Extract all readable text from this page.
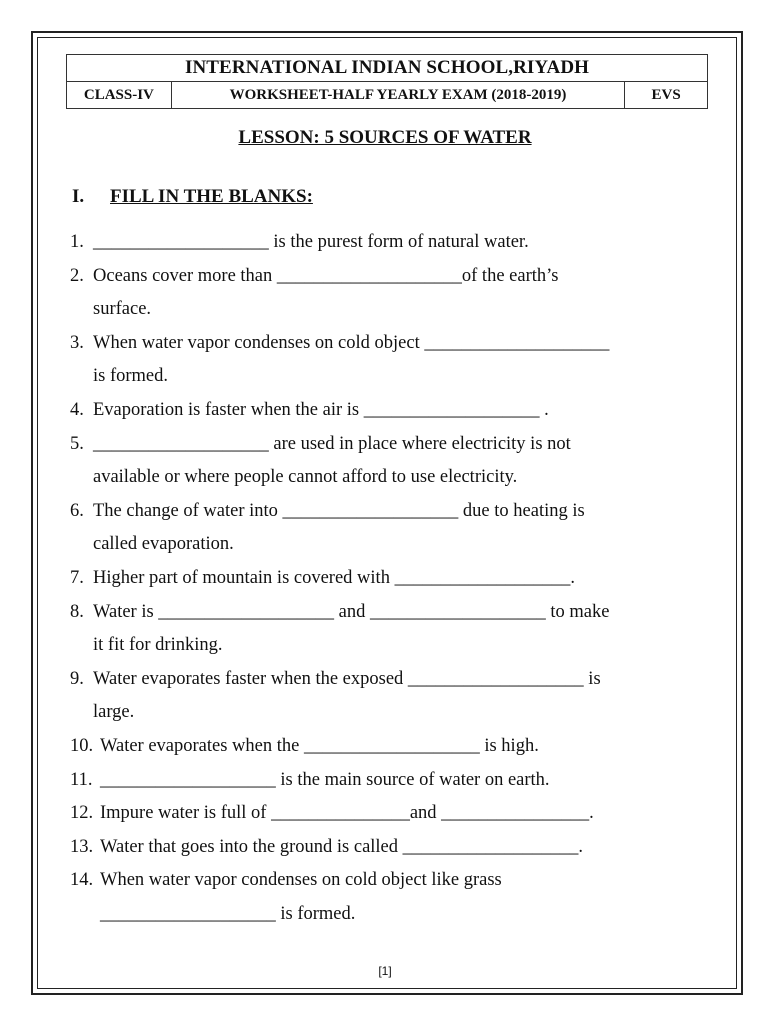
INTERNATIONAL INDIAN SCHOOL,RIYADH
CLASS-IV	WORKSHEET-HALF YEARLY EXAM (2018-2019)	EVS
LESSON: 5 SOURCES OF WATER
I. FILL IN THE BLANKS:
1. ___________________ is the purest form of natural water.
2. Oceans cover more than ____________________of the earth’s
surface.
3. When water vapor condenses on cold object ____________________
is formed.
4. Evaporation is faster when the air is ___________________ .
5. ___________________ are used in place where electricity is not
available or where people cannot afford to use electricity.
6. The change of water into ___________________ due to heating is
called evaporation.
7. Higher part of mountain is covered with ___________________.
8. Water is ___________________ and ___________________ to make
it fit for drinking.
9. Water evaporates faster when the exposed ___________________ is
large.
10. Water evaporates when the ___________________ is high.
11. ___________________ is the main source of water on earth.
12. Impure water is full of _______________and ________________.
13. Water that goes into the ground is called ___________________.
14. When water vapor condenses on cold object like grass
___________________ is formed.
[1]
